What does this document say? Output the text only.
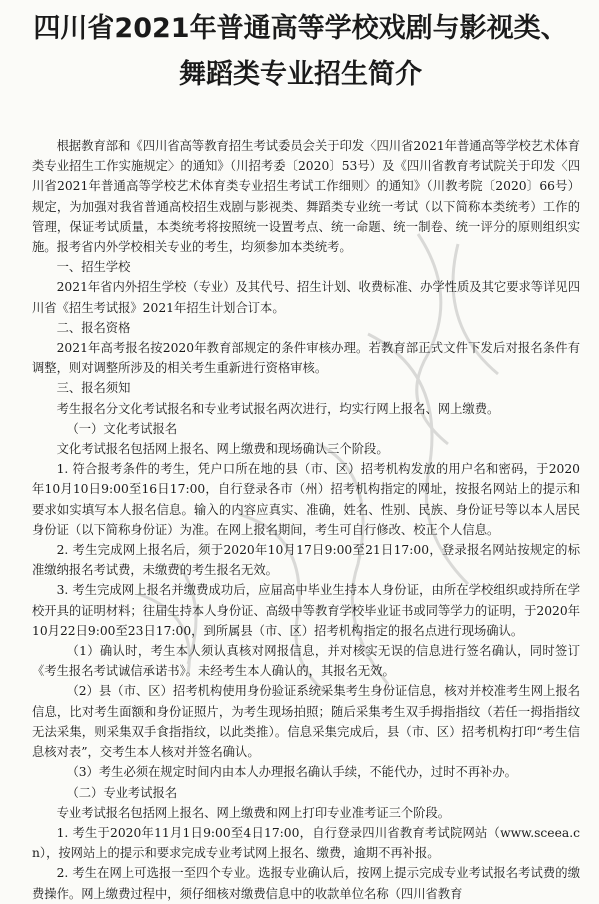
四川省2021年普通高等学校戏剧与影视类、
舞蹈类专业招生简介

根据教育部和《四川省高等教育招生考试委员会关于印发〈四川省2021年普通高等学校艺术体育类专业招生工作实施规定〉的通知》（川招考委〔2020〕53号）及《四川省教育考试院关于印发〈四川省2021年普通高等学校艺术体育类专业招生考试工作细则〉的通知》（川教考院〔2020〕66号）规定，为加强对我省普通高校招生戏剧与影视类、舞蹈类专业统一考试（以下简称本类统考）工作的管理，保证考试质量，本类统考将按照统一设置考点、统一命题、统一制卷、统一评分的原则组织实施。报考省内外学校相关专业的考生，均须参加本类统考。

一、招生学校

2021年省内外招生学校（专业）及其代号、招生计划、收费标准、办学性质及其它要求等详见四川省《招生考试报》2021年招生计划合订本。

二、报名资格

2021年高考报名按2020年教育部规定的条件审核办理。若教育部正式文件下发后对报名条件有调整，则对调整所涉及的相关考生重新进行资格审核。

三、报名须知

考生报名分文化考试报名和专业考试报名两次进行，均实行网上报名、网上缴费。

（一）文化考试报名

文化考试报名包括网上报名、网上缴费和现场确认三个阶段。

1. 符合报考条件的考生，凭户口所在地的县（市、区）招考机构发放的用户名和密码，于2020年10月10日9:00至16日17:00，自行登录各市（州）招考机构指定的网址，按报名网站上的提示和要求如实填写本人报名信息。输入的内容应真实、准确，姓名、性别、民族、身份证号等以本人居民身份证（以下简称身份证）为准。在网上报名期间，考生可自行修改、校正个人信息。

2. 考生完成网上报名后，须于2020年10月17日9:00至21日17:00，登录报名网站按规定的标准缴纳报名考试费，未缴费的考生报名无效。

3. 考生完成网上报名并缴费成功后，应届高中毕业生持本人身份证，由所在学校组织或持所在学校开具的证明材料；往届生持本人身份证、高级中等教育学校毕业证书或同等学力的证明，于2020年10月22日9:00至23日17:00，到所属县（市、区）招考机构指定的报名点进行现场确认。

（1）确认时，考生本人须认真核对网报信息，并对核实无误的信息进行签名确认，同时签订《考生报名考试诚信承诺书》。未经考生本人确认的，其报名无效。

（2）县（市、区）招考机构使用身份验证系统采集考生身份证信息，核对并校准考生网上报名信息，比对考生面额和身份证照片，为考生现场拍照；随后采集考生双手拇指指纹（若任一拇指指纹无法采集，则采集双手食指指纹，以此类推）。信息采集完成后，县（市、区）招考机构打印“考生信息核对表”，交考生本人核对并签名确认。

（3）考生必须在规定时间内由本人办理报名确认手续，不能代办，过时不再补办。

（二）专业考试报名

专业考试报名包括网上报名、网上缴费和网上打印专业准考证三个阶段。

1. 考生于2020年11月1日9:00至4日17:00，自行登录四川省教育考试院网站（www.sceea.cn），按网站上的提示和要求完成专业考试网上报名、缴费，逾期不再补报。

2. 考生在网上可选报一至四个专业。选报专业确认后，按网上提示完成专业考试报名考试费的缴费操作。网上缴费过程中，须仔细核对缴费信息中的收款单位名称（四川省教育
